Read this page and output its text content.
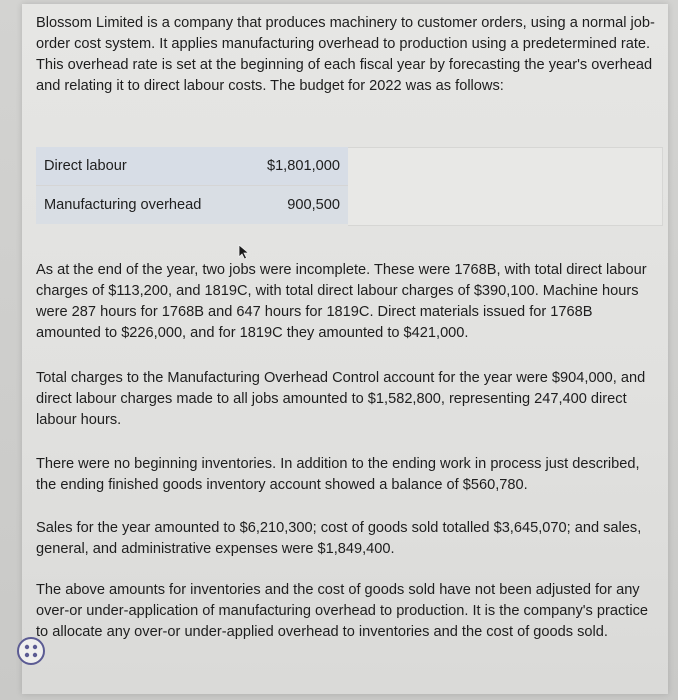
Blossom Limited is a company that produces machinery to customer orders, using a normal job-order cost system. It applies manufacturing overhead to production using a predetermined rate. This overhead rate is set at the beginning of each fiscal year by forecasting the year's overhead and relating it to direct labour costs. The budget for 2022 was as follows:

Direct labour	$1,801,000
Manufacturing overhead	900,500

As at the end of the year, two jobs were incomplete. These were 1768B, with total direct labour charges of $113,200, and 1819C, with total direct labour charges of $390,100. Machine hours were 287 hours for 1768B and 647 hours for 1819C. Direct materials issued for 1768B amounted to $226,000, and for 1819C they amounted to $421,000.

Total charges to the Manufacturing Overhead Control account for the year were $904,000, and direct labour charges made to all jobs amounted to $1,582,800, representing 247,400 direct labour hours.

There were no beginning inventories. In addition to the ending work in process just described, the ending finished goods inventory account showed a balance of $560,780.

Sales for the year amounted to $6,210,300; cost of goods sold totalled $3,645,070; and sales, general, and administrative expenses were $1,849,400.

The above amounts for inventories and the cost of goods sold have not been adjusted for any over-or under-application of manufacturing overhead to production. It is the company's practice to allocate any over-or under-applied overhead to inventories and the cost of goods sold.
